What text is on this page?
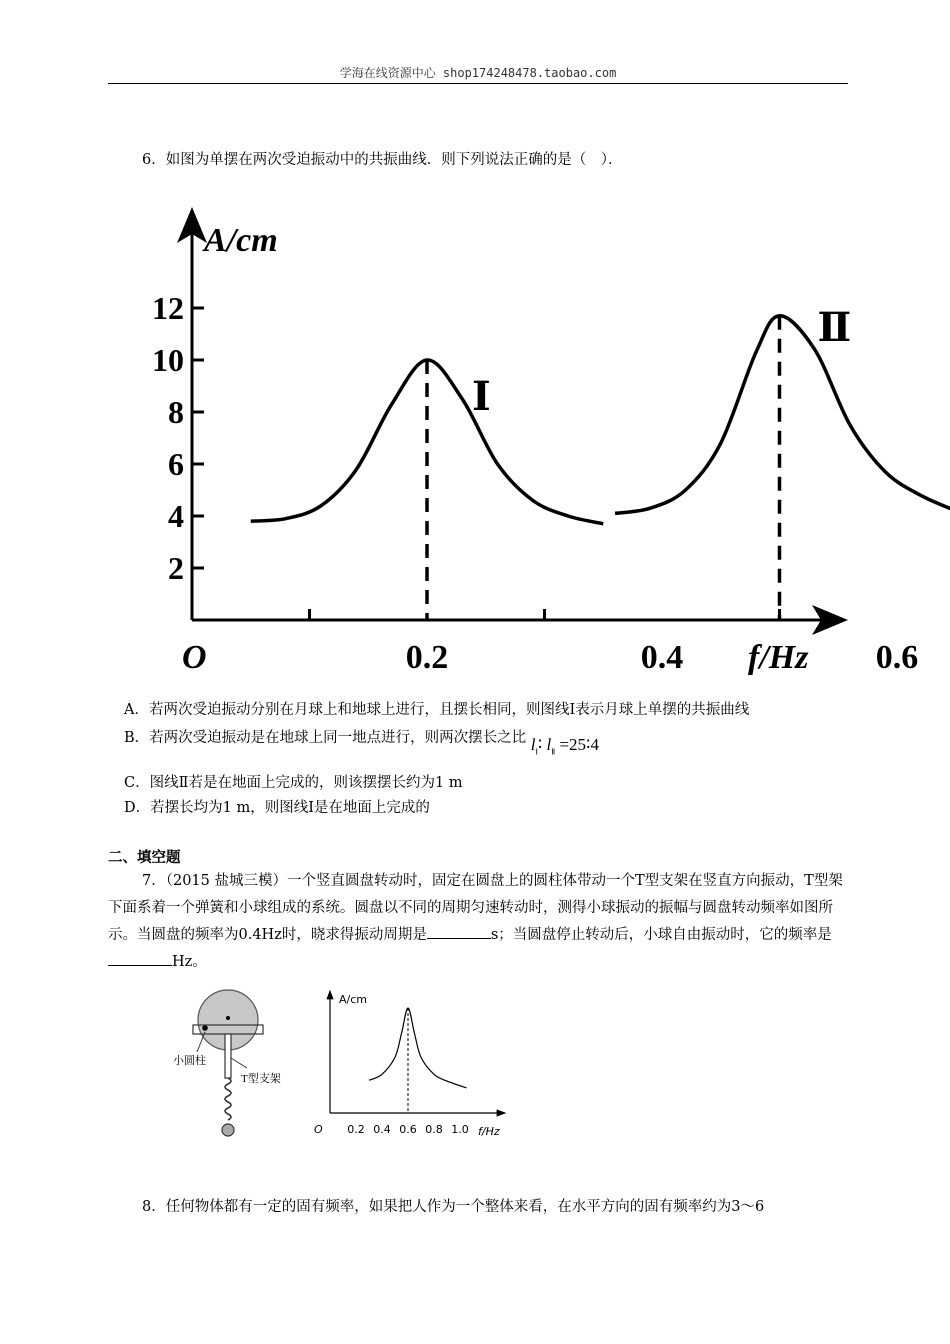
学海在线资源中心 shop174248478.taobao.com
6．如图为单摆在两次受迫振动中的共振曲线．则下列说法正确的是（　）．
2
4
6
8
10
12
0.2	0.4	0.6
Ⅰ
Ⅱ
A/cm
f/Hz
O
A．若两次受迫振动分别在月球上和地球上进行，且摆长相同，则图线Ⅰ表示月球上单摆的共振曲线
B．若两次受迫振动是在地球上同一地点进行，则两次摆长之比 $l_Ⅰ∶$ $l_Ⅱ$ =25∶4
C．图线Ⅱ若是在地面上完成的，则该摆摆长约为1 m
D．若摆长均为1 m，则图线Ⅰ是在地面上完成的
二、填空题
7．（2015 盐城三模）一个竖直圆盘转动时，固定在圆盘上的圆柱体带动一个T型支架在竖直方向振动，T型架下面系着一个弹簧和小球组成的系统。圆盘以不同的周期匀速转动时，测得小球振动的振幅与圆盘转动频率如图所示。当圆盘的频率为0.4Hz时，晓求得振动周期是	s；当圆盘停止转动后，小球自由振动时，它的频率是Hz。
小圆柱
T型支架
0.2 0.4 0.6 0.8 1.0
A/cm
f/Hz
O
8．任何物体都有一定的固有频率，如果把人作为一个整体来看，在水平方向的固有频率约为3～6
